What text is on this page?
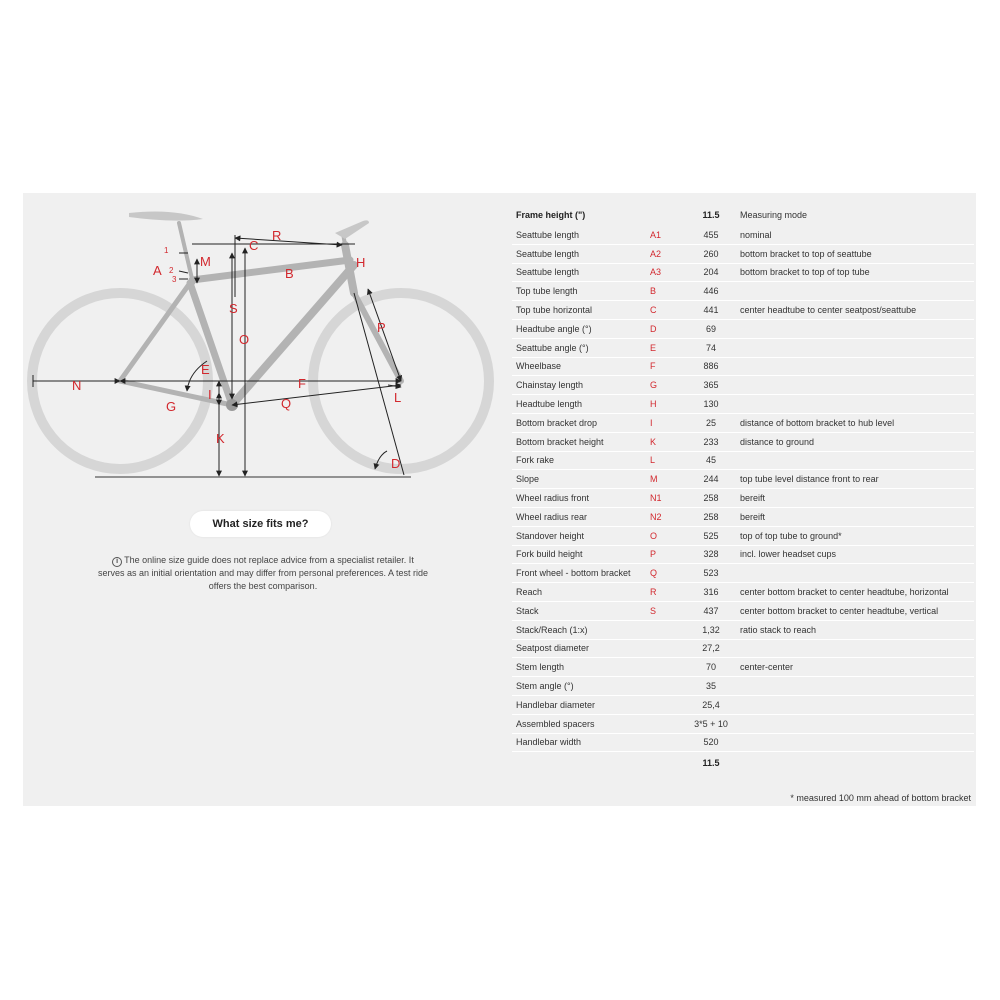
A
1
2
3	B
C
D
E
F
G
H
I
K
L
M
N
O
P
Q
R
S
What size fits me?
i The online size guide does not replace advice from a specialist retailer. It serves as an initial orientation and may differ from personal preferences. A test ride offers the best comparison.
Frame height (")		11.5	Measuring mode
Seattube length	A1	455	nominal
Seattube length	A2	260	bottom bracket to top of seattube
Seattube length	A3	204	bottom bracket to top of top tube
Top tube length	B	446	
Top tube horizontal	C	441	center headtube to center seatpost/seattube
Headtube angle (°)	D	69	
Seattube angle (°)	E	74	
Wheelbase	F	886	
Chainstay length	G	365	
Headtube length	H	130	
Bottom bracket drop	I	25	distance of bottom bracket to hub level
Bottom bracket height	K	233	distance to ground
Fork rake	L	45	
Slope	M	244	top tube level distance front to rear
Wheel radius front	N1	258	bereift
Wheel radius rear	N2	258	bereift
Standover height	O	525	top of top tube to ground*
Fork build height	P	328	incl. lower headset cups
Front wheel - bottom bracket	Q	523	
Reach	R	316	center bottom bracket to center headtube, horizontal
Stack	S	437	center bottom bracket to center headtube, vertical
Stack/Reach (1:x)		1,32	ratio stack to reach
Seatpost diameter		27,2	
Stem length		70	center-center
Stem angle (°)		35	
Handlebar diameter		25,4	
Assembled spacers		3*5 + 10	
Handlebar width		520	
		11.5	
* measured 100 mm ahead of bottom bracket
